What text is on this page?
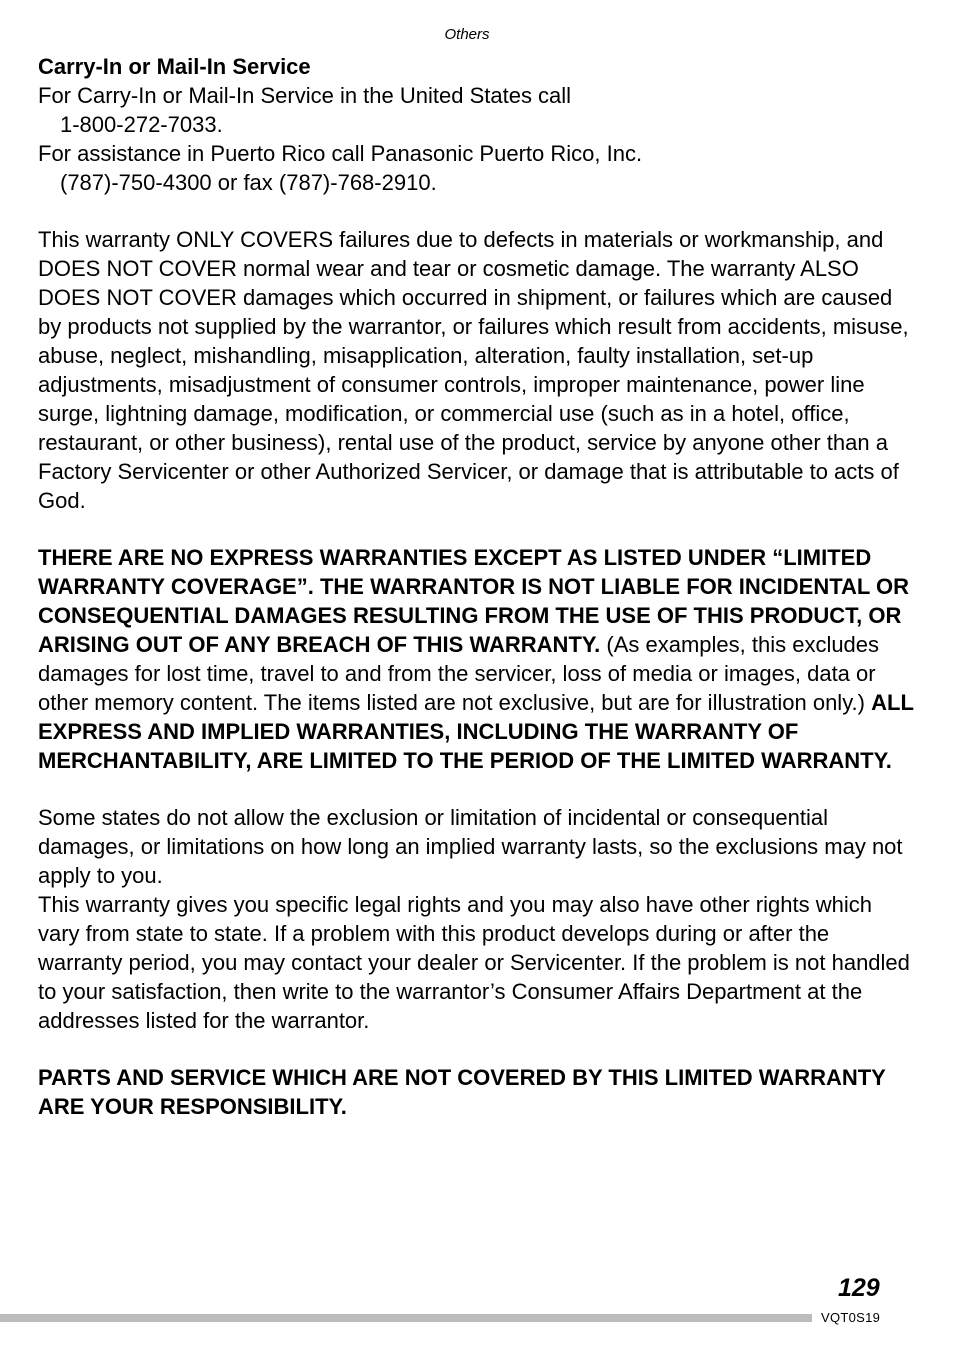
Others

Carry-In or Mail-In Service

For Carry-In or Mail-In Service in the United States call

1-800-272-7033.

For assistance in Puerto Rico call Panasonic Puerto Rico, Inc.

(787)-750-4300 or fax (787)-768-2910.

This warranty ONLY COVERS failures due to defects in materials or workmanship, and DOES NOT COVER normal wear and tear or cosmetic damage. The warranty ALSO DOES NOT COVER damages which occurred in shipment, or failures which are caused by products not supplied by the warrantor, or failures which result from accidents, misuse, abuse, neglect, mishandling, misapplication, alteration, faulty installation, set-up adjustments, misadjustment of consumer controls, improper maintenance, power line surge, lightning damage, modification, or commercial use (such as in a hotel, office, restaurant, or other business), rental use of the product, service by anyone other than a Factory Servicenter or other Authorized Servicer, or damage that is attributable to acts of God.

THERE ARE NO EXPRESS WARRANTIES EXCEPT AS LISTED UNDER “LIMITED WARRANTY COVERAGE”. THE WARRANTOR IS NOT LIABLE FOR INCIDENTAL OR CONSEQUENTIAL DAMAGES RESULTING FROM THE USE OF THIS PRODUCT, OR ARISING OUT OF ANY BREACH OF THIS WARRANTY. (As examples, this excludes damages for lost time, travel to and from the servicer, loss of media or images, data or other memory content. The items listed are not exclusive, but are for illustration only.) ALL EXPRESS AND IMPLIED WARRANTIES, INCLUDING THE WARRANTY OF MERCHANTABILITY, ARE LIMITED TO THE PERIOD OF THE LIMITED WARRANTY.

Some states do not allow the exclusion or limitation of incidental or consequential damages, or limitations on how long an implied warranty lasts, so the exclusions may not apply to you.

This warranty gives you specific legal rights and you may also have other rights which vary from state to state. If a problem with this product develops during or after the warranty period, you may contact your dealer or Servicenter. If the problem is not handled to your satisfaction, then write to the warrantor’s Consumer Affairs Department at the addresses listed for the warrantor.

PARTS AND SERVICE WHICH ARE NOT COVERED BY THIS LIMITED WARRANTY ARE YOUR RESPONSIBILITY.

129
VQT0S19
